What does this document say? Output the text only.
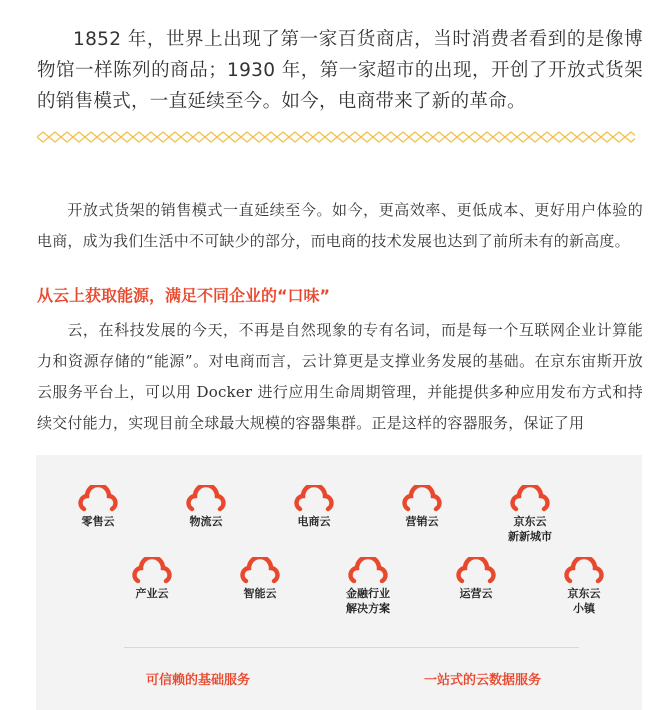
1852 年，世界上出现了第一家百货商店，当时消费者看到的是像博物馆一样陈列的商品；1930 年，第一家超市的出现，开创了开放式货架的销售模式，一直延续至今。如今，电商带来了新的革命。

开放式货架的销售模式一直延续至今。如今，更高效率、更低成本、更好用户体验的电商，成为我们生活中不可缺少的部分，而电商的技术发展也达到了前所未有的新高度。

从云上获取能源，满足不同企业的“口味”

云，在科技发展的今天，不再是自然现象的专有名词，而是每一个互联网企业计算能力和资源存储的“能源”。对电商而言，云计算更是支撑业务发展的基础。在京东宙斯开放云服务平台上，可以用 Docker 进行应用生命周期管理，并能提供多种应用发布方式和持续交付能力，实现目前全球最大规模的容器集群。正是这样的容器服务，保证了用

零售云	物流云	电商云	营销云	京东云
新新城市
产业云	智能云	金融行业
解决方案
运营云	京东云
小镇
可信赖的基础服务	一站式的云数据服务
